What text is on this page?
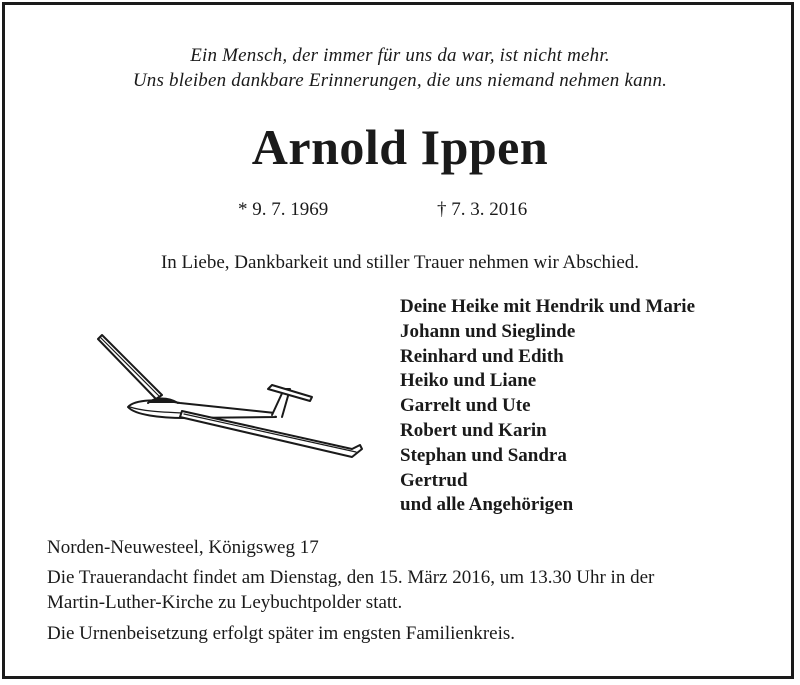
Ein Mensch, der immer für uns da war, ist nicht mehr.
Uns bleiben dankbare Erinnerungen, die uns niemand nehmen kann.
Arnold Ippen
* 9. 7. 1969	† 7. 3. 2016
In Liebe, Dankbarkeit und stiller Trauer nehmen wir Abschied.
Deine Heike mit Hendrik und Marie
Johann und Sieglinde
Reinhard und Edith
Heiko und Liane
Garrelt und Ute
Robert und Karin
Stephan und Sandra
Gertrud
und alle Angehörigen
Norden-Neuwesteel, Königsweg 17
Die Trauerandacht findet am Dienstag, den 15. März 2016, um 13.30 Uhr in der
Martin-Luther-Kirche zu Leybuchtpolder statt.
Die Urnenbeisetzung erfolgt später im engsten Familienkreis.
